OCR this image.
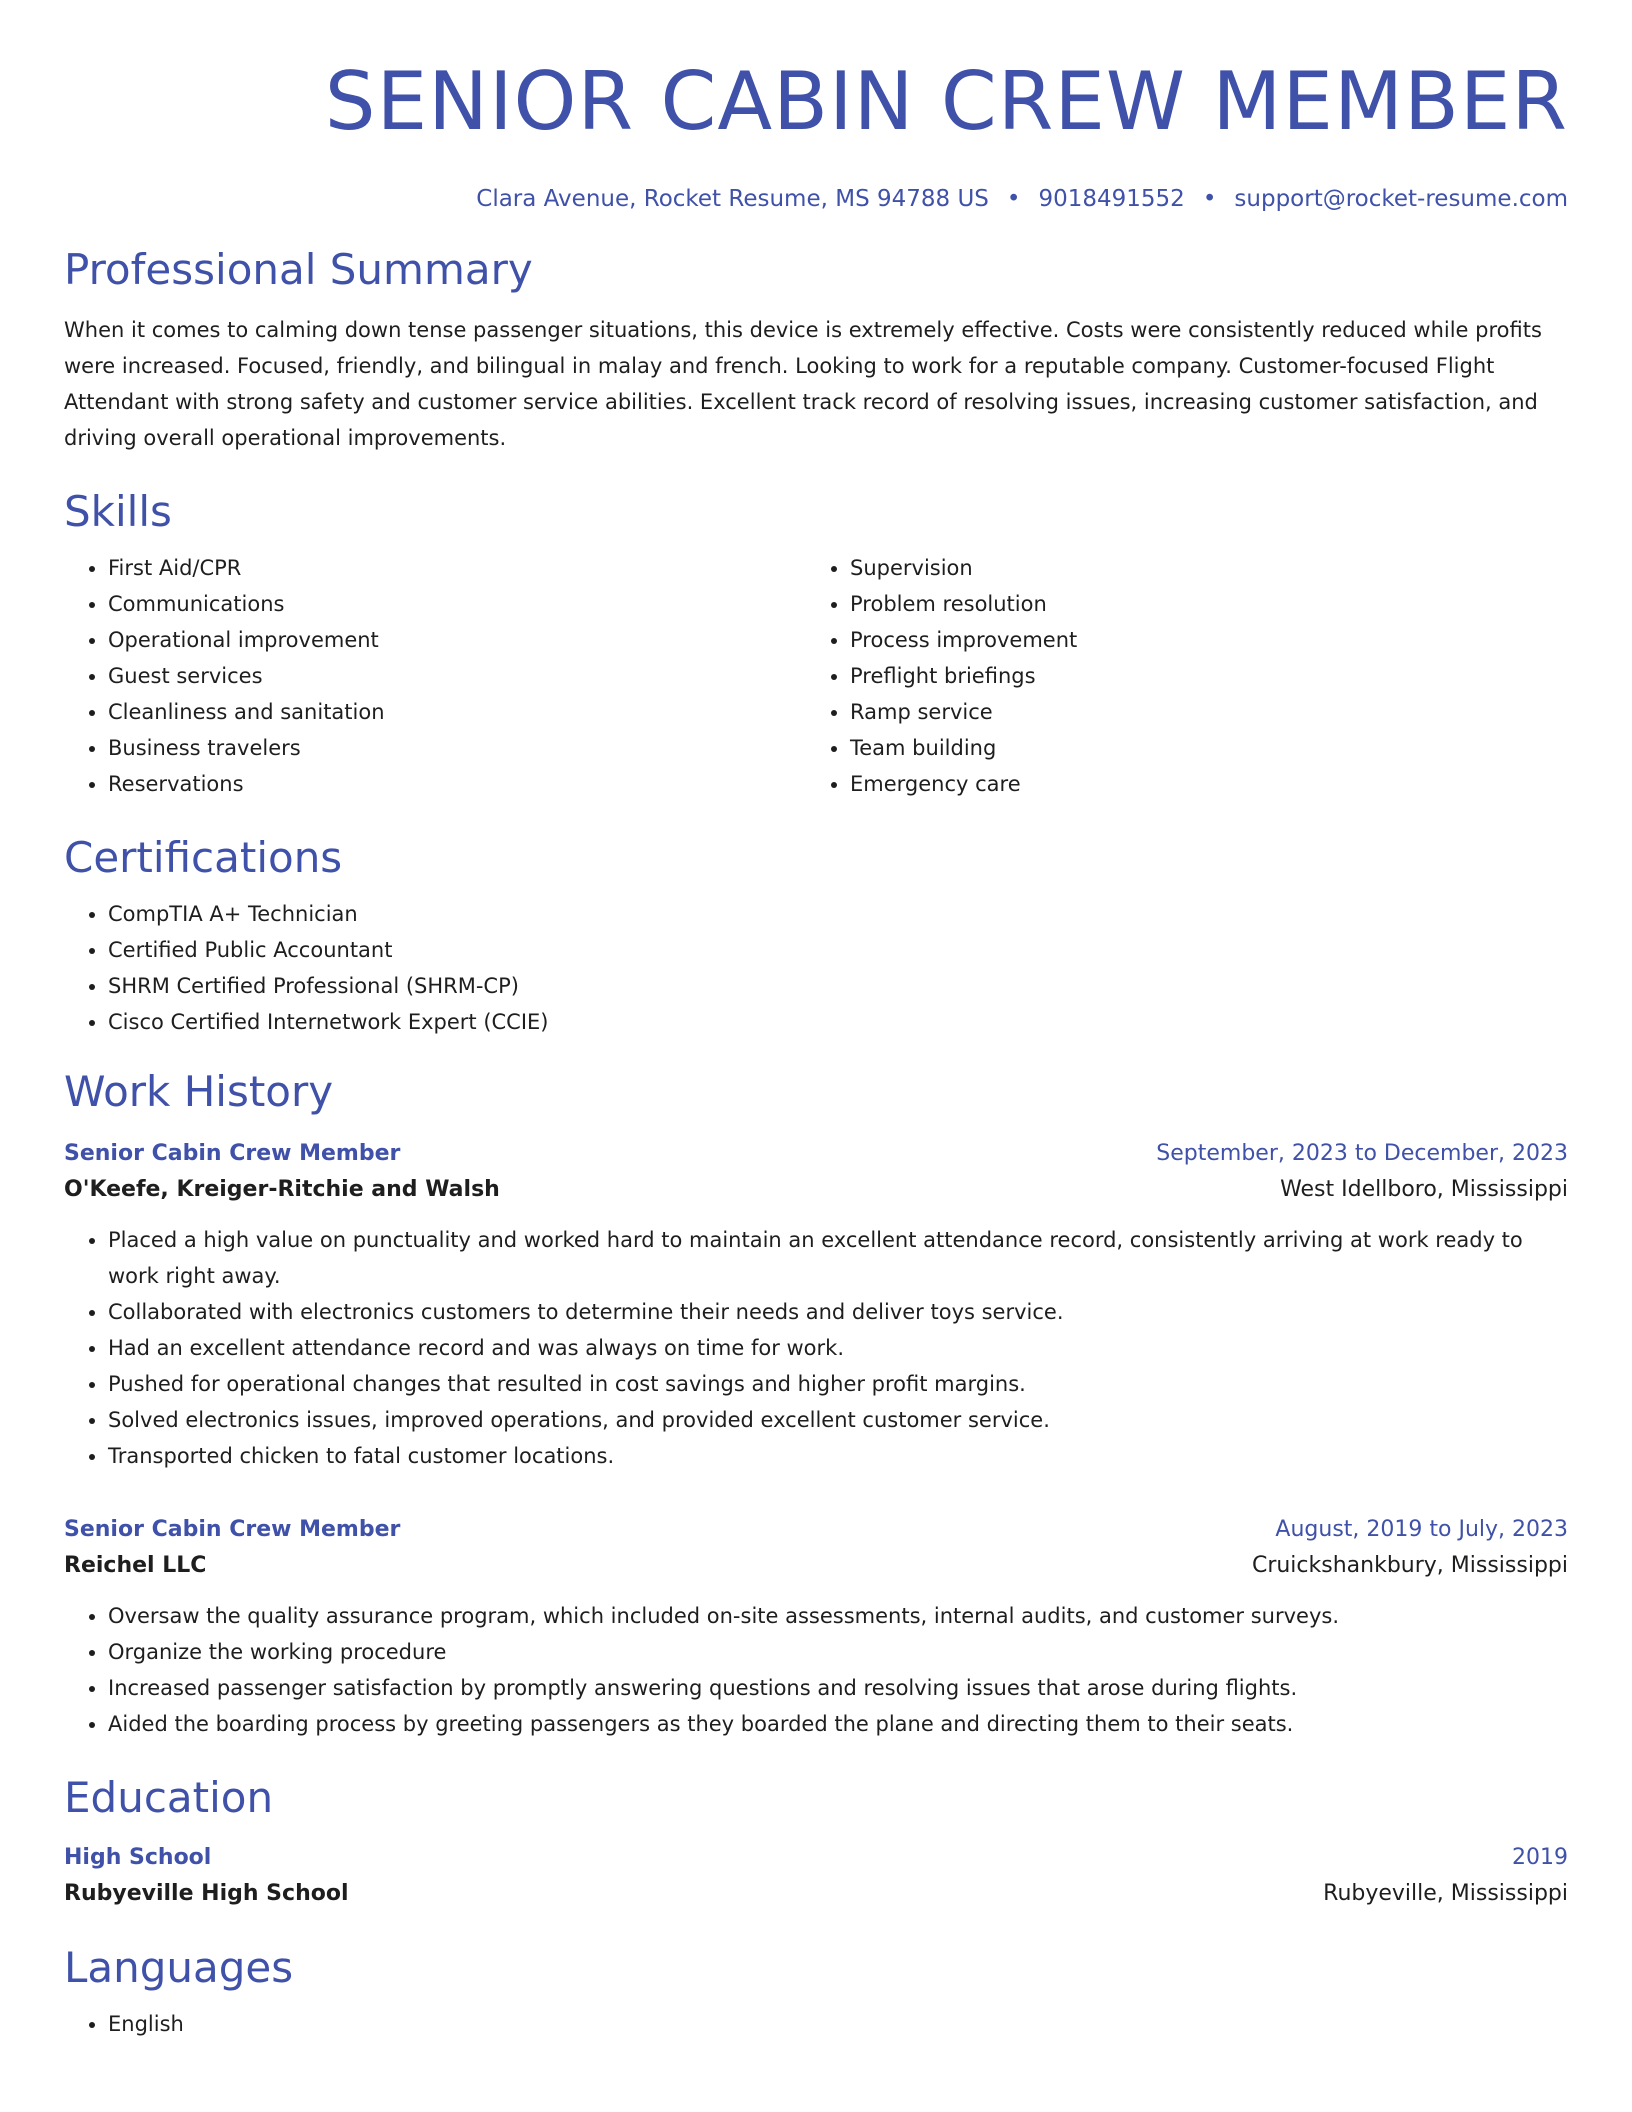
SENIOR CABIN CREW MEMBER
Clara Avenue, Rocket Resume, MS 94788 US • 9018491552 • support@rocket-resume.com
Professional Summary

When it comes to calming down tense passenger situations, this device is extremely effective. Costs were consistently reduced while profits were increased. Focused, friendly, and bilingual in malay and french. Looking to work for a reputable company. Customer-focused Flight Attendant with strong safety and customer service abilities. Excellent track record of resolving issues, increasing customer satisfaction, and driving overall operational improvements.

Skills
• First Aid/CPR
• Communications
• Operational improvement
• Guest services
• Cleanliness and sanitation
• Business travelers
• Reservations
• Supervision
• Problem resolution
• Process improvement
• Preflight briefings
• Ramp service
• Team building
• Emergency care
Certifications
• CompTIA A+ Technician
• Certified Public Accountant
• SHRM Certified Professional (SHRM-CP)
• Cisco Certified Internetwork Expert (CCIE)
Work History
Senior Cabin Crew Member	September, 2023 to December, 2023
O'Keefe, Kreiger-Ritchie and Walsh	West Idellboro, Mississippi
• Placed a high value on punctuality and worked hard to maintain an excellent attendance record, consistently arriving at work ready to work right away.
• Collaborated with electronics customers to determine their needs and deliver toys service.
• Had an excellent attendance record and was always on time for work.
• Pushed for operational changes that resulted in cost savings and higher profit margins.
• Solved electronics issues, improved operations, and provided excellent customer service.
• Transported chicken to fatal customer locations.
Senior Cabin Crew Member	August, 2019 to July, 2023
Reichel LLC	Cruickshankbury, Mississippi
• Oversaw the quality assurance program, which included on-site assessments, internal audits, and customer surveys.
• Organize the working procedure
• Increased passenger satisfaction by promptly answering questions and resolving issues that arose during flights.
• Aided the boarding process by greeting passengers as they boarded the plane and directing them to their seats.
Education
High School	2019
Rubyeville High School	Rubyeville, Mississippi
Languages
• English
